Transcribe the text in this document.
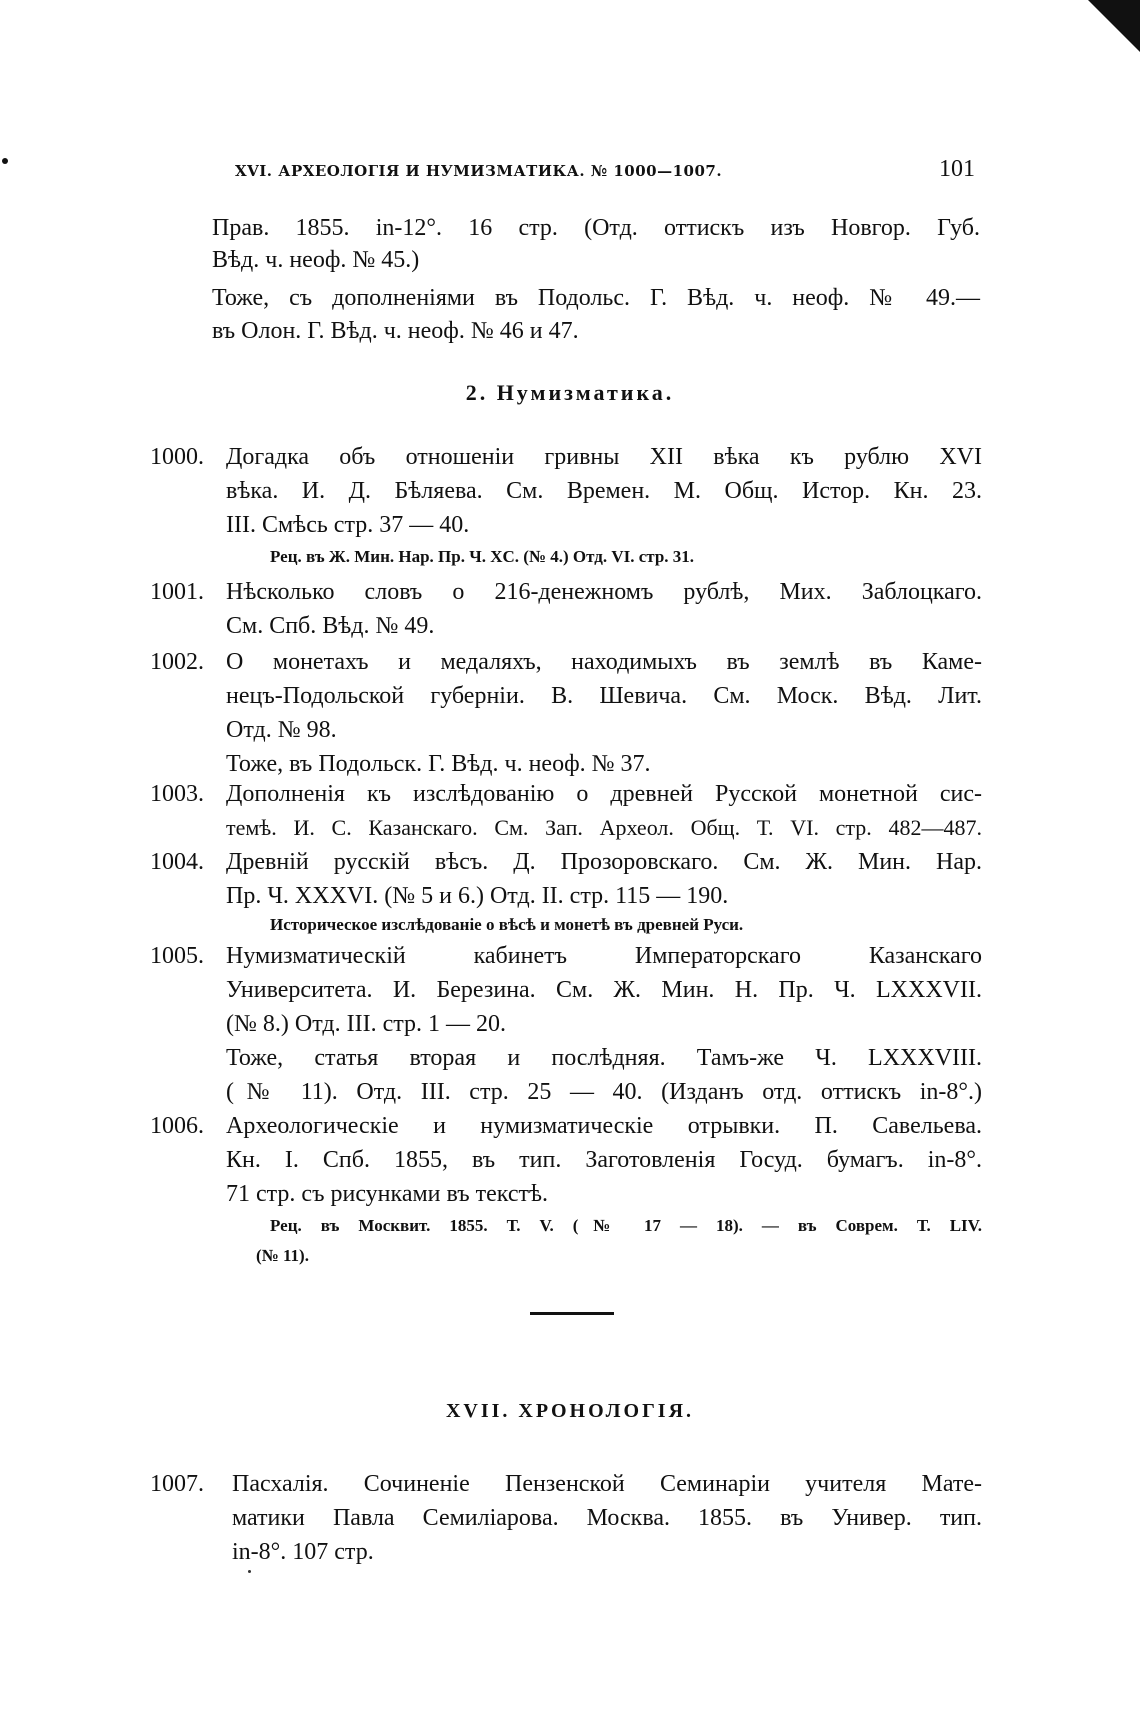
XVI. АРХЕОЛОГІЯ И НУМИЗМАТИКА. № 1000—1007.	101
Прав. 1855. in-12°. 16 стр. (Отд. оттискъ изъ Новгор. Губ.
Вѣд. ч. неоф. № 45.)
Тоже, съ дополненіями въ Подольс. Г. Вѣд. ч. неоф. № 49.—
въ Олон. Г. Вѣд. ч. неоф. № 46 и 47.
2. Нумизматика.
1000. Догадка объ отношеніи гривны XII вѣка къ рублю XVI
вѣка. И. Д. Бѣляева. См. Времен. М. Общ. Истор. Кн. 23.
III. Смѣсь стр. 37 — 40.
Рец. въ Ж. Мин. Нар. Пр. Ч. XC. (№ 4.) Отд. VI. стр. 31.
1001. Нѣсколько словъ о 216-денежномъ рублѣ, Мих. Заблоцкаго.
См. Спб. Вѣд. № 49.
1002. О монетахъ и медаляхъ, находимыхъ въ землѣ въ Каме-
нецъ-Подольской губерніи. В. Шевича. См. Моск. Вѣд. Лит.
Отд. № 98.
Тоже, въ Подольск. Г. Вѣд. ч. неоф. № 37.
1003. Дополненія къ изслѣдованію о древней Русской монетной сис-
темѣ. И. С. Казанскаго. См. Зап. Археол. Общ. Т. VI. стр. 482—487.
1004. Древній русскій вѣсъ. Д. Прозоровскаго. См. Ж. Мин. Нар.
Пр. Ч. XXXVI. (№ 5 и 6.) Отд. II. стр. 115 — 190.
Историческое изслѣдованіе о вѣсѣ и монетѣ въ древней Руси.
1005. Нумизматическій кабинетъ Императорскаго Казанскаго
Университета. И. Березина. См. Ж. Мин. Н. Пр. Ч. LXXXVII.
(№ 8.) Отд. III. стр. 1 — 20.
Тоже, статья вторая и послѣдняя. Тамъ-же Ч. LXXXVIII.
(№ 11). Отд. III. стр. 25 — 40. (Изданъ отд. оттискъ in-8°.)
1006. Археологическіе и нумизматическіе отрывки. П. Савельева.
Кн. I. Спб. 1855, въ тип. Заготовленія Госуд. бумагъ. in-8°.
71 стр. съ рисунками въ текстѣ.
Рец. въ Москвит. 1855. Т. V. (№ 17 — 18). — въ Соврем. Т. LIV.
(№ 11).
XVII. ХРОНОЛОГІЯ.
1007. Пасхалія. Сочиненіе Пензенской Семинаріи учителя Мате-
матики Павла Семиліарова. Москва. 1855. въ Универ. тип.
in-8°. 107 стр.
